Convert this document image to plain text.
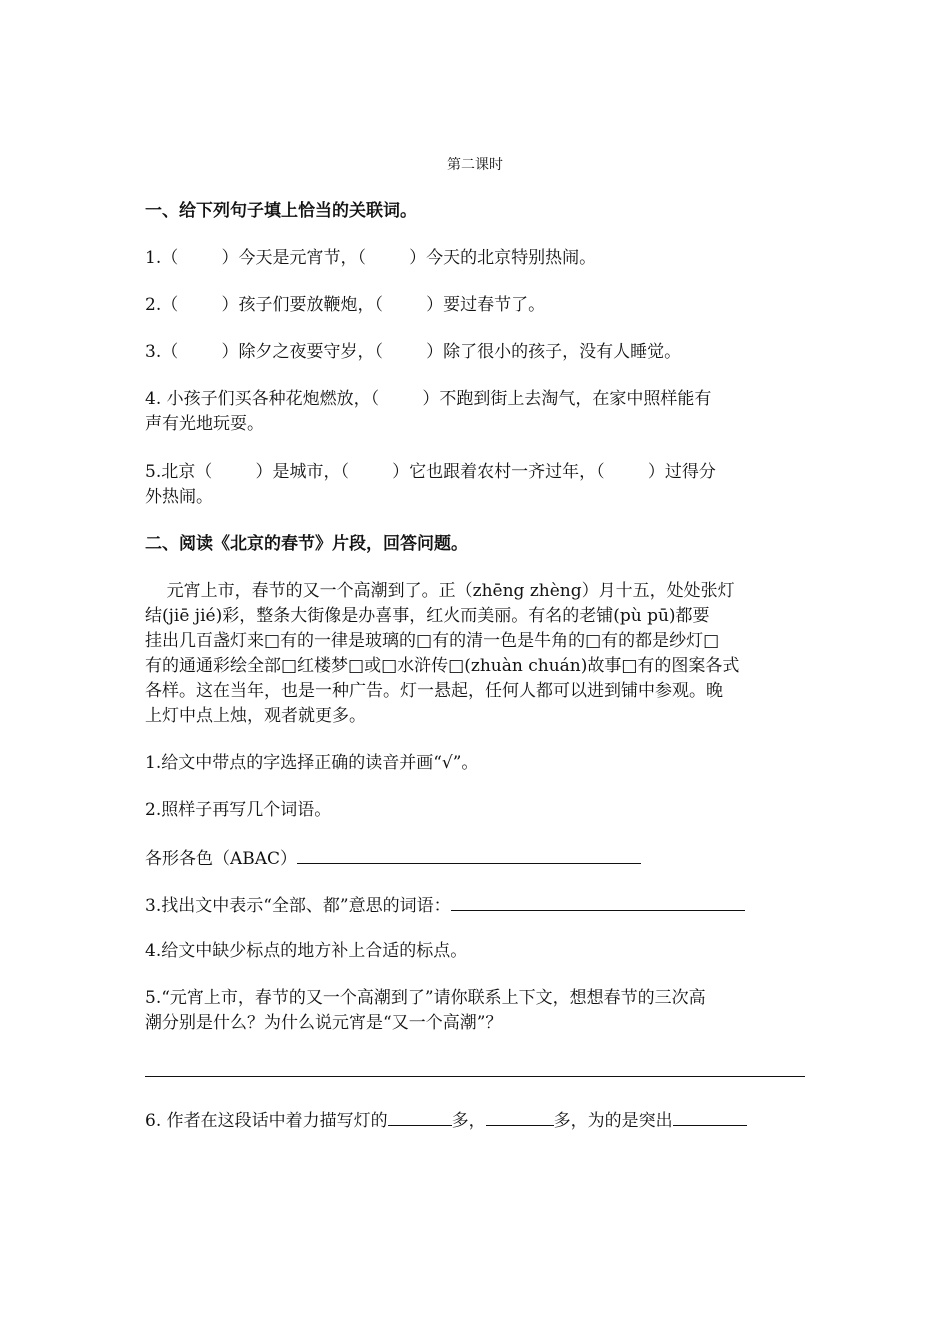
第二课时
一、给下列句子填上恰当的关联词。
1.（        ）今天是元宵节，（        ）今天的北京特别热闹。
2.（        ）孩子们要放鞭炮，（        ）要过春节了。
3.（        ）除夕之夜要守岁，（        ）除了很小的孩子，没有人睡觉。
4. 小孩子们买各种花炮燃放，（        ）不跑到街上去淘气，在家中照样能有
声有光地玩耍。
5.北京（        ）是城市，（        ）它也跟着农村一齐过年，（        ）过得分
外热闹。
二、阅读《北京的春节》片段，回答问题。
元宵上市，春节的又一个高潮到了。正（zhēng zhèng）月十五，处处张灯
结(jiē jié)彩，整条大街像是办喜事，红火而美丽。有名的老铺(pù pū)都要
挂出几百盏灯来□有的一律是玻璃的□有的清一色是牛角的□有的都是纱灯□
有的通通彩绘全部□红楼梦□或□水浒传□(zhuàn chuán)故事□有的图案各式
各样。这在当年，也是一种广告。灯一悬起，任何人都可以进到铺中参观。晚
上灯中点上烛，观者就更多。
1.给文中带点的字选择正确的读音并画“√”。
2.照样子再写几个词语。
各形各色（ABAC）
3.找出文中表示“全部、都”意思的词语：
4.给文中缺少标点的地方补上合适的标点。
5.“元宵上市，春节的又一个高潮到了”请你联系上下文，想想春节的三次高
潮分别是什么？为什么说元宵是“又一个高潮”？
6. 作者在这段话中着力描写灯的	多，	多，为的是突出
